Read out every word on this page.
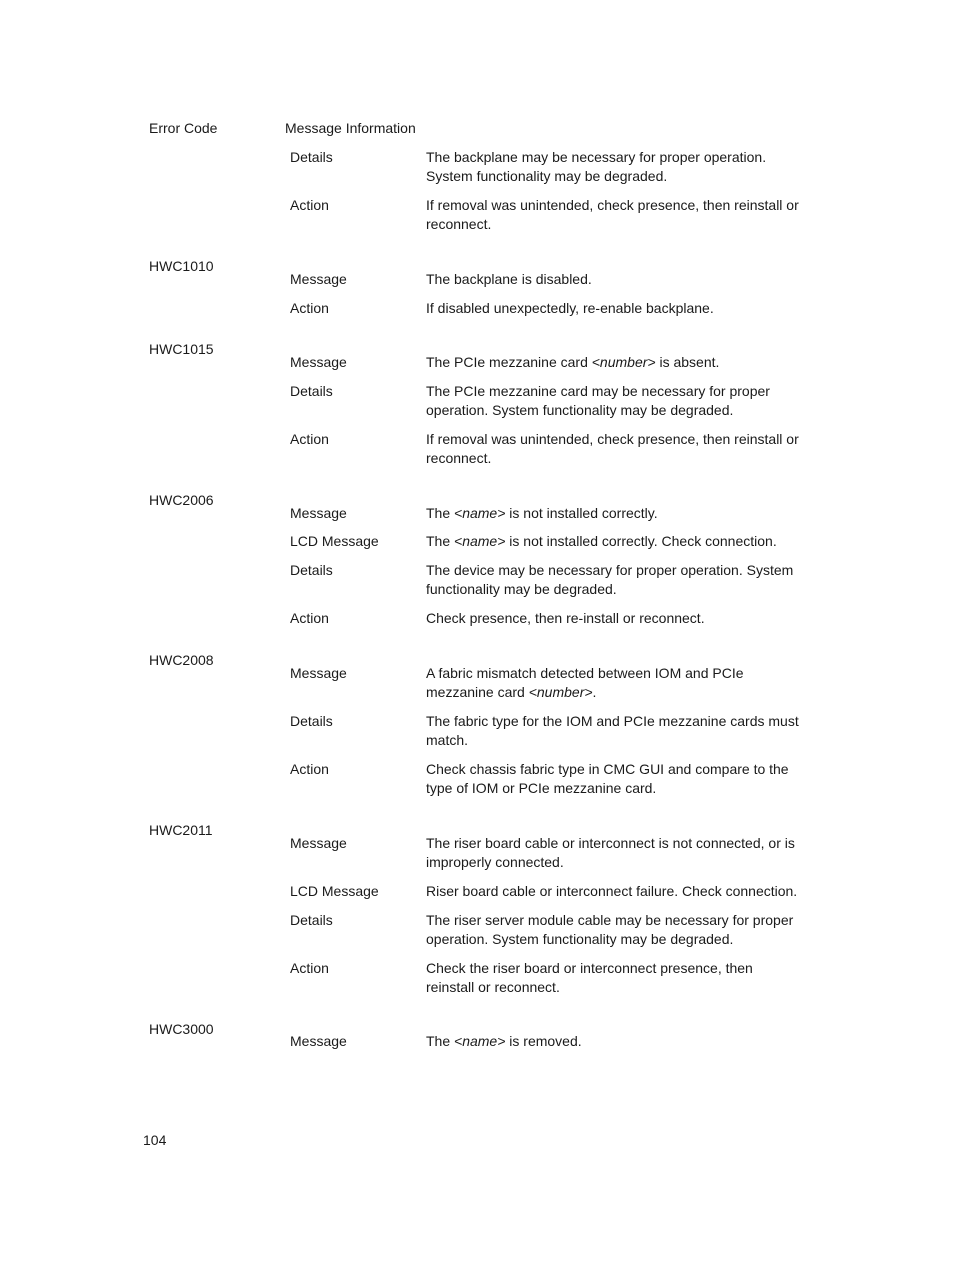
Error Code	Message Information
Details	The backplane may be necessary for proper operation.
System functionality may be degraded.
Action	If removal was unintended, check presence, then reinstall or
reconnect.
HWC1010
Message	The backplane is disabled.
Action	If disabled unexpectedly, re-enable backplane.
HWC1015
Message	The PCIe mezzanine card <number> is absent.
Details	The PCIe mezzanine card may be necessary for proper
operation. System functionality may be degraded.
Action	If removal was unintended, check presence, then reinstall or
reconnect.
HWC2006
Message	The <name> is not installed correctly.
LCD Message	The <name> is not installed correctly. Check connection.
Details	The device may be necessary for proper operation. System
functionality may be degraded.
Action	Check presence, then re-install or reconnect.
HWC2008
Message	A fabric mismatch detected between IOM and PCIe
mezzanine card <number>.
Details	The fabric type for the IOM and PCIe mezzanine cards must
match.
Action	Check chassis fabric type in CMC GUI and compare to the
type of IOM or PCIe mezzanine card.
HWC2011
Message	The riser board cable or interconnect is not connected, or is
improperly connected.
LCD Message	Riser board cable or interconnect failure. Check connection.
Details	The riser server module cable may be necessary for proper
operation. System functionality may be degraded.
Action	Check the riser board or interconnect presence, then
reinstall or reconnect.
HWC3000
Message	The <name> is removed.
104
